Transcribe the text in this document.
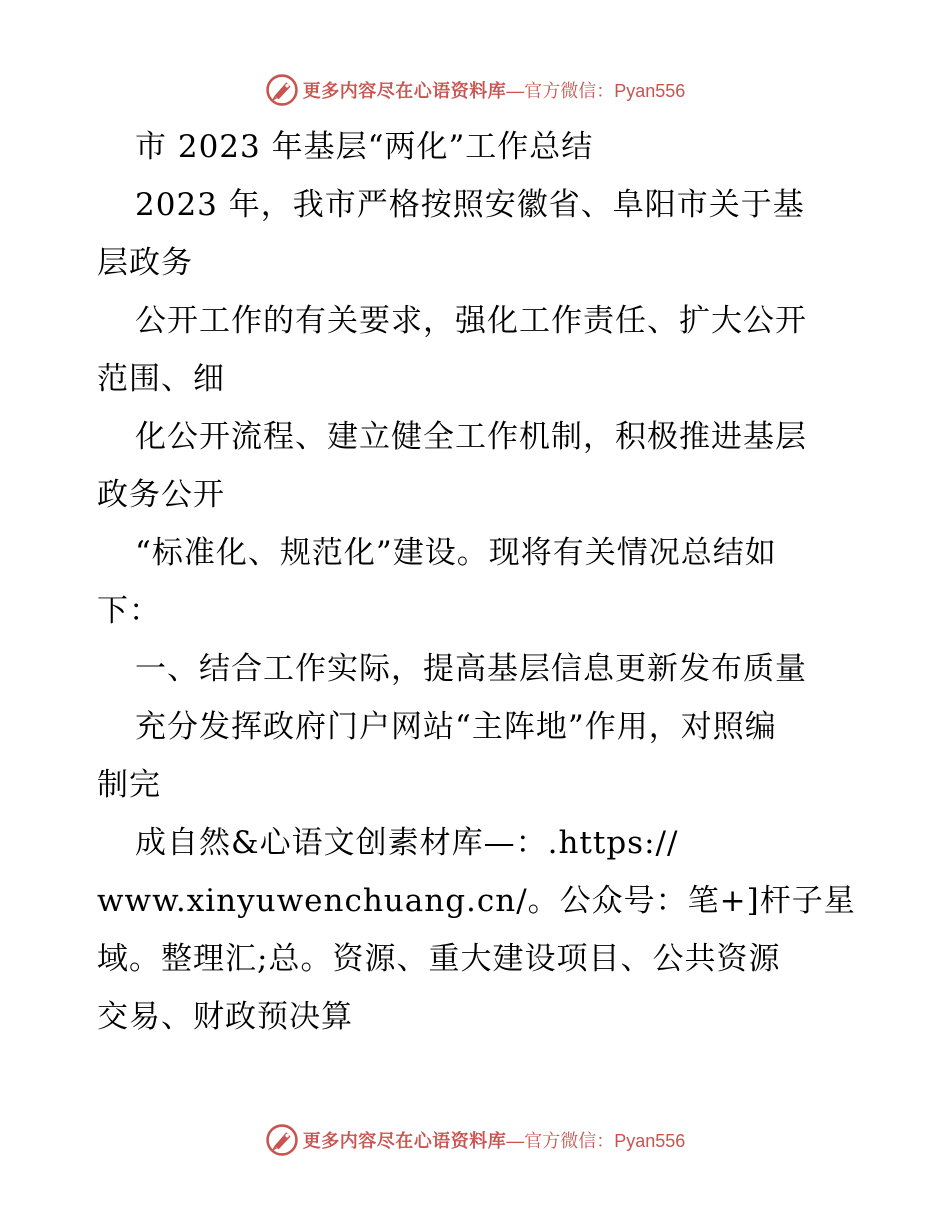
更多内容尽在心语资料库 —官方微信：Pyan556
市 2023 年基层“两化”工作总结
2023 年，我市严格按照安徽省、阜阳市关于基
层政务
公开工作的有关要求，强化工作责任、扩大公开
范围、细
化公开流程、建立健全工作机制，积极推进基层
政务公开
“标准化、规范化”建设。现将有关情况总结如
下：
一、结合工作实际，提高基层信息更新发布质量
充分发挥政府门户网站“主阵地”作用，对照编
制完
成自然&心语文创素材库—：.https://
www.xinyuwenchuang.cn/。公众号：笔+]杆子星
域。整理汇;总。资源、重大建设项目、公共资源
交易、财政预决算
更多内容尽在心语资料库 —官方微信：Pyan556
